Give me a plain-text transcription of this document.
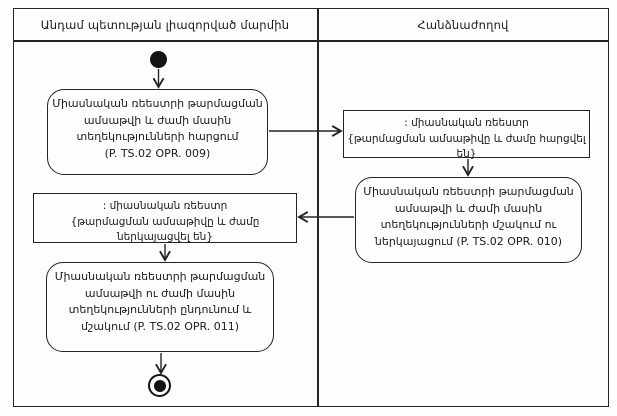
Անդամ պետության լիազորված մարմին	Հանձնաժողով
Միասնական ռեեստրի թարմացման
ամսաթվի և ժամի մասին
տեղեկությունների հարցում
(P. TS.02 OPR. 009)
: միասնական ռեեստր
{թարմացման ամսաթիվը և ժամը հարցվել են}
Միասնական ռեեստրի թարմացման
ամսաթվի և ժամի մասին
տեղեկությունների մշակում ու
ներկայացում (P. TS.02 OPR. 010)
: միասնական ռեեստր
{թարմացման ամսաթիվը և ժամը ներկայացվել են}
Միասնական ռեեստրի թարմացման
ամսաթվի ու ժամի մասին
տեղեկությունների ընդունում և
մշակում (P. TS.02 OPR. 011)
